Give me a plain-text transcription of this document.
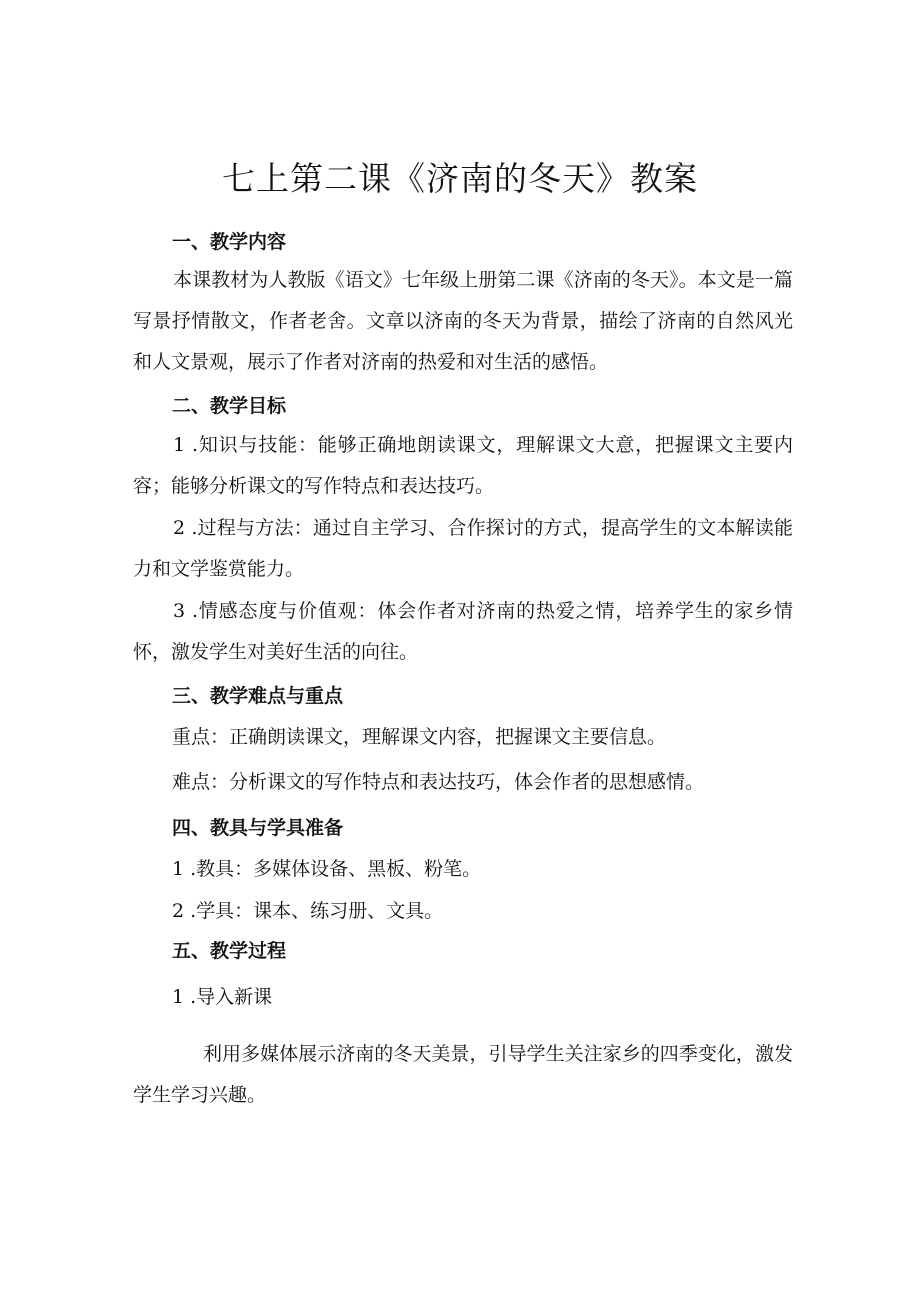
七上第二课《济南的冬天》教案
一、教学内容

本课教材为人教版《语文》七年级上册第二课《济南的冬天》。本文是一篇写景抒情散文，作者老舍。文章以济南的冬天为背景，描绘了济南的自然风光和人文景观，展示了作者对济南的热爱和对生活的感悟。

二、教学目标

1 .知识与技能：能够正确地朗读课文，理解课文大意，把握课文主要内容；能够分析课文的写作特点和表达技巧。

2 .过程与方法：通过自主学习、合作探讨的方式，提高学生的文本解读能力和文学鉴赏能力。

3 .情感态度与价值观：体会作者对济南的热爱之情，培养学生的家乡情怀，激发学生对美好生活的向往。

三、教学难点与重点

重点：正确朗读课文，理解课文内容，把握课文主要信息。

难点：分析课文的写作特点和表达技巧，体会作者的思想感情。

四、教具与学具准备

1 .教具：多媒体设备、黑板、粉笔。

2 .学具：课本、练习册、文具。

五、教学过程

1 .导入新课

利用多媒体展示济南的冬天美景，引导学生关注家乡的四季变化，激发学生学习兴趣。
